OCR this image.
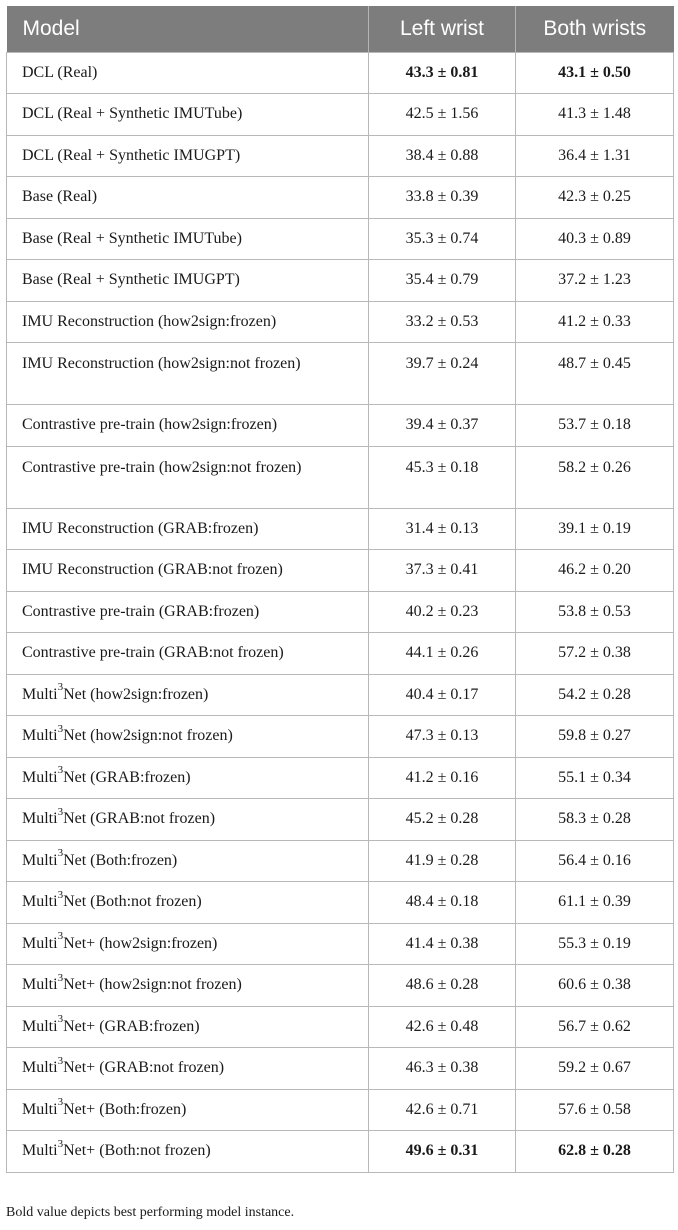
Model	Left wrist	Both wrists
DCL (Real)	43.3 ± 0.81	43.1 ± 0.50
DCL (Real + Synthetic IMUTube)	42.5 ± 1.56	41.3 ± 1.48
DCL (Real + Synthetic IMUGPT)	38.4 ± 0.88	36.4 ± 1.31
Base (Real)	33.8 ± 0.39	42.3 ± 0.25
Base (Real + Synthetic IMUTube)	35.3 ± 0.74	40.3 ± 0.89
Base (Real + Synthetic IMUGPT)	35.4 ± 0.79	37.2 ± 1.23
IMU Reconstruction (how2sign:frozen)	33.2 ± 0.53	41.2 ± 0.33
IMU Reconstruction (how2sign:not frozen)	39.7 ± 0.24	48.7 ± 0.45
Contrastive pre-train (how2sign:frozen)	39.4 ± 0.37	53.7 ± 0.18
Contrastive pre-train (how2sign:not frozen)	45.3 ± 0.18	58.2 ± 0.26
IMU Reconstruction (GRAB:frozen)	31.4 ± 0.13	39.1 ± 0.19
IMU Reconstruction (GRAB:not frozen)	37.3 ± 0.41	46.2 ± 0.20
Contrastive pre-train (GRAB:frozen)	40.2 ± 0.23	53.8 ± 0.53
Contrastive pre-train (GRAB:not frozen)	44.1 ± 0.26	57.2 ± 0.38
Multi$^3$Net (how2sign:frozen)	40.4 ± 0.17	54.2 ± 0.28
Multi$^3$Net (how2sign:not frozen)	47.3 ± 0.13	59.8 ± 0.27
Multi$^3$Net (GRAB:frozen)	41.2 ± 0.16	55.1 ± 0.34
Multi$^3$Net (GRAB:not frozen)	45.2 ± 0.28	58.3 ± 0.28
Multi$^3$Net (Both:frozen)	41.9 ± 0.28	56.4 ± 0.16
Multi$^3$Net (Both:not frozen)	48.4 ± 0.18	61.1 ± 0.39
Multi$^3$Net+ (how2sign:frozen)	41.4 ± 0.38	55.3 ± 0.19
Multi$^3$Net+ (how2sign:not frozen)	48.6 ± 0.28	60.6 ± 0.38
Multi$^3$Net+ (GRAB:frozen)	42.6 ± 0.48	56.7 ± 0.62
Multi$^3$Net+ (GRAB:not frozen)	46.3 ± 0.38	59.2 ± 0.67
Multi$^3$Net+ (Both:frozen)	42.6 ± 0.71	57.6 ± 0.58
Multi$^3$Net+ (Both:not frozen)	49.6 ± 0.31	62.8 ± 0.28
Bold value depicts best performing model instance.
